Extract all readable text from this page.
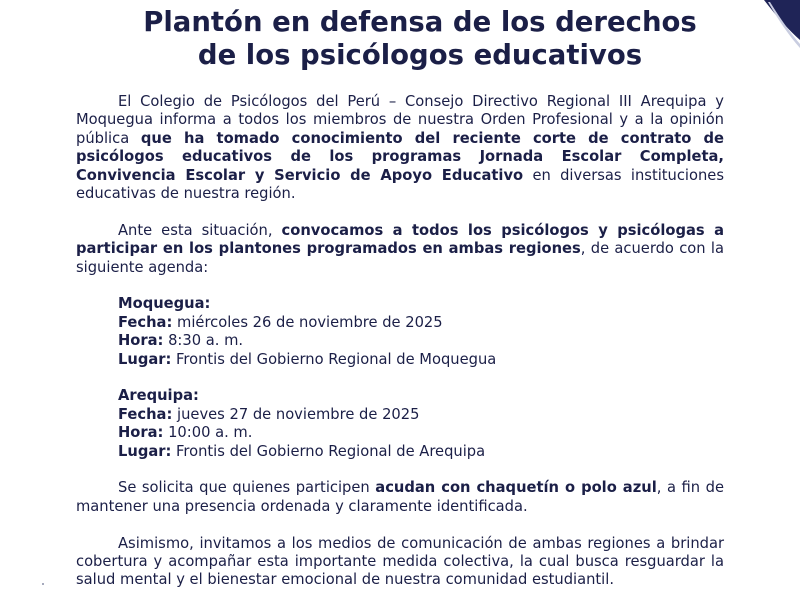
Plantón en defensa de los derechos
de los psicólogos educativos

El Colegio de Psicólogos del Perú – Consejo Directivo Regional III Arequipa y Moquegua informa a todos los miembros de nuestra Orden Profesional y a la opinión pública que ha tomado conocimiento del reciente corte de contrato de psicólogos educativos de los programas Jornada Escolar Completa, Convivencia Escolar y Servicio de Apoyo Educativo en diversas instituciones educativas de nuestra región.

Ante esta situación, convocamos a todos los psicólogos y psicólogas a participar en los plantones programados en ambas regiones, de acuerdo con la siguiente agenda:

Moquegua:
Fecha: miércoles 26 de noviembre de 2025
Hora: 8:30 a. m.
Lugar: Frontis del Gobierno Regional de Moquegua
Arequipa:
Fecha: jueves 27 de noviembre de 2025
Hora: 10:00 a. m.
Lugar: Frontis del Gobierno Regional de Arequipa

Se solicita que quienes participen acudan con chaquetín o polo azul, a fin de mantener una presencia ordenada y claramente identificada.

Asimismo, invitamos a los medios de comunicación de ambas regiones a brindar cobertura y acompañar esta importante medida colectiva, la cual busca resguardar la salud mental y el bienestar emocional de nuestra comunidad estudiantil.
